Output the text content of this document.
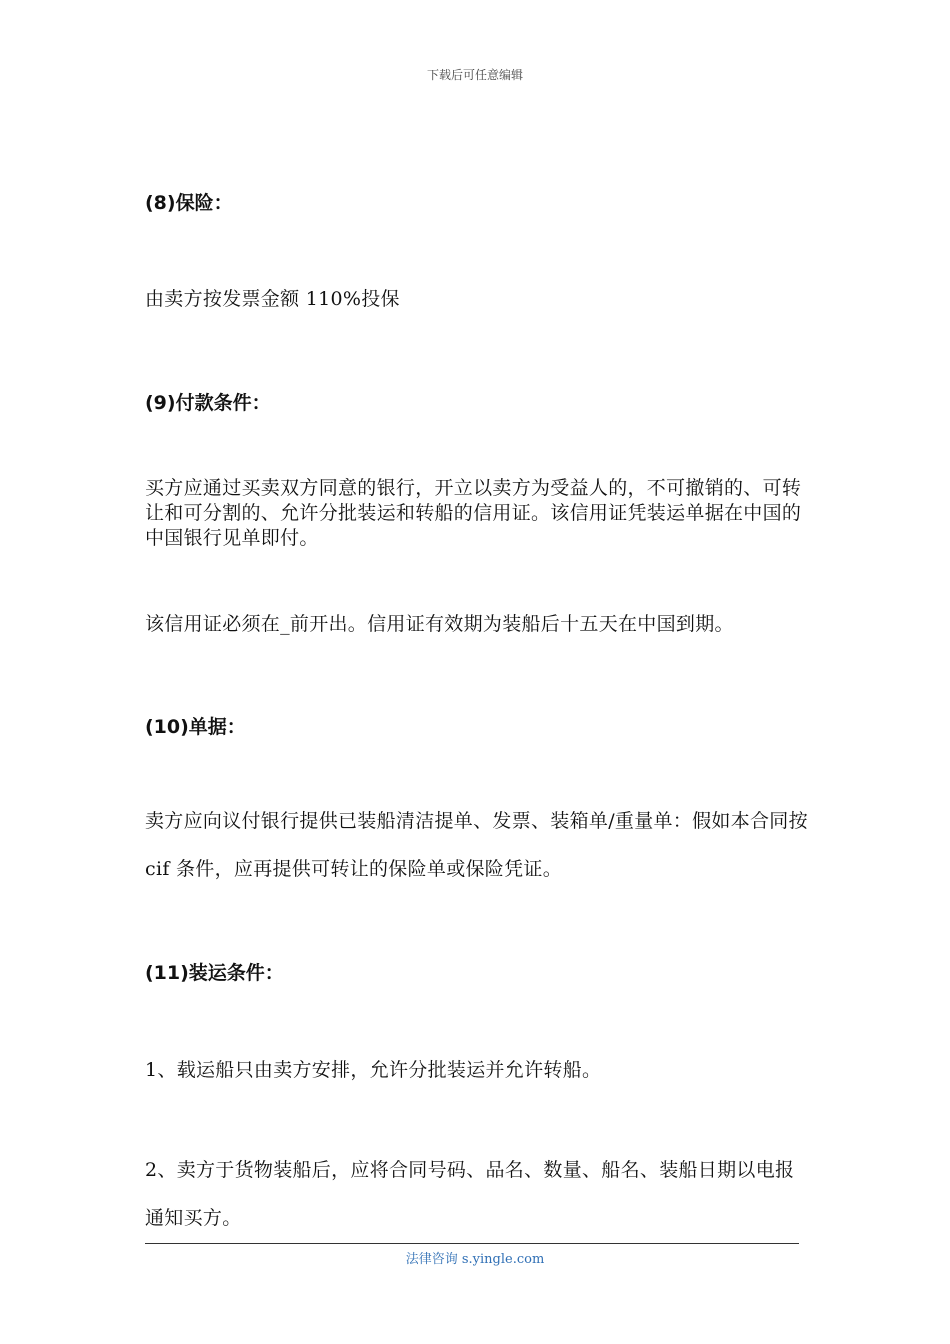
下载后可任意编辑
(8)保险：
由卖方按发票金额 110%投保
(9)付款条件：
买方应通过买卖双方同意的银行，开立以卖方为受益人的，不可撤销的、可转让和可分割的、允许分批装运和转船的信用证。该信用证凭装运单据在中国的中国银行见单即付。
该信用证必须在_前开出。信用证有效期为装船后十五天在中国到期。
(10)单据：
卖方应向议付银行提供已装船清洁提单、发票、装箱单/重量单：假如本合同按 cif 条件，应再提供可转让的保险单或保险凭证。
(11)装运条件：
1、载运船只由卖方安排，允许分批装运并允许转船。
2、卖方于货物装船后，应将合同号码、品名、数量、船名、装船日期以电报通知买方。
法律咨询 s.yingle.com
